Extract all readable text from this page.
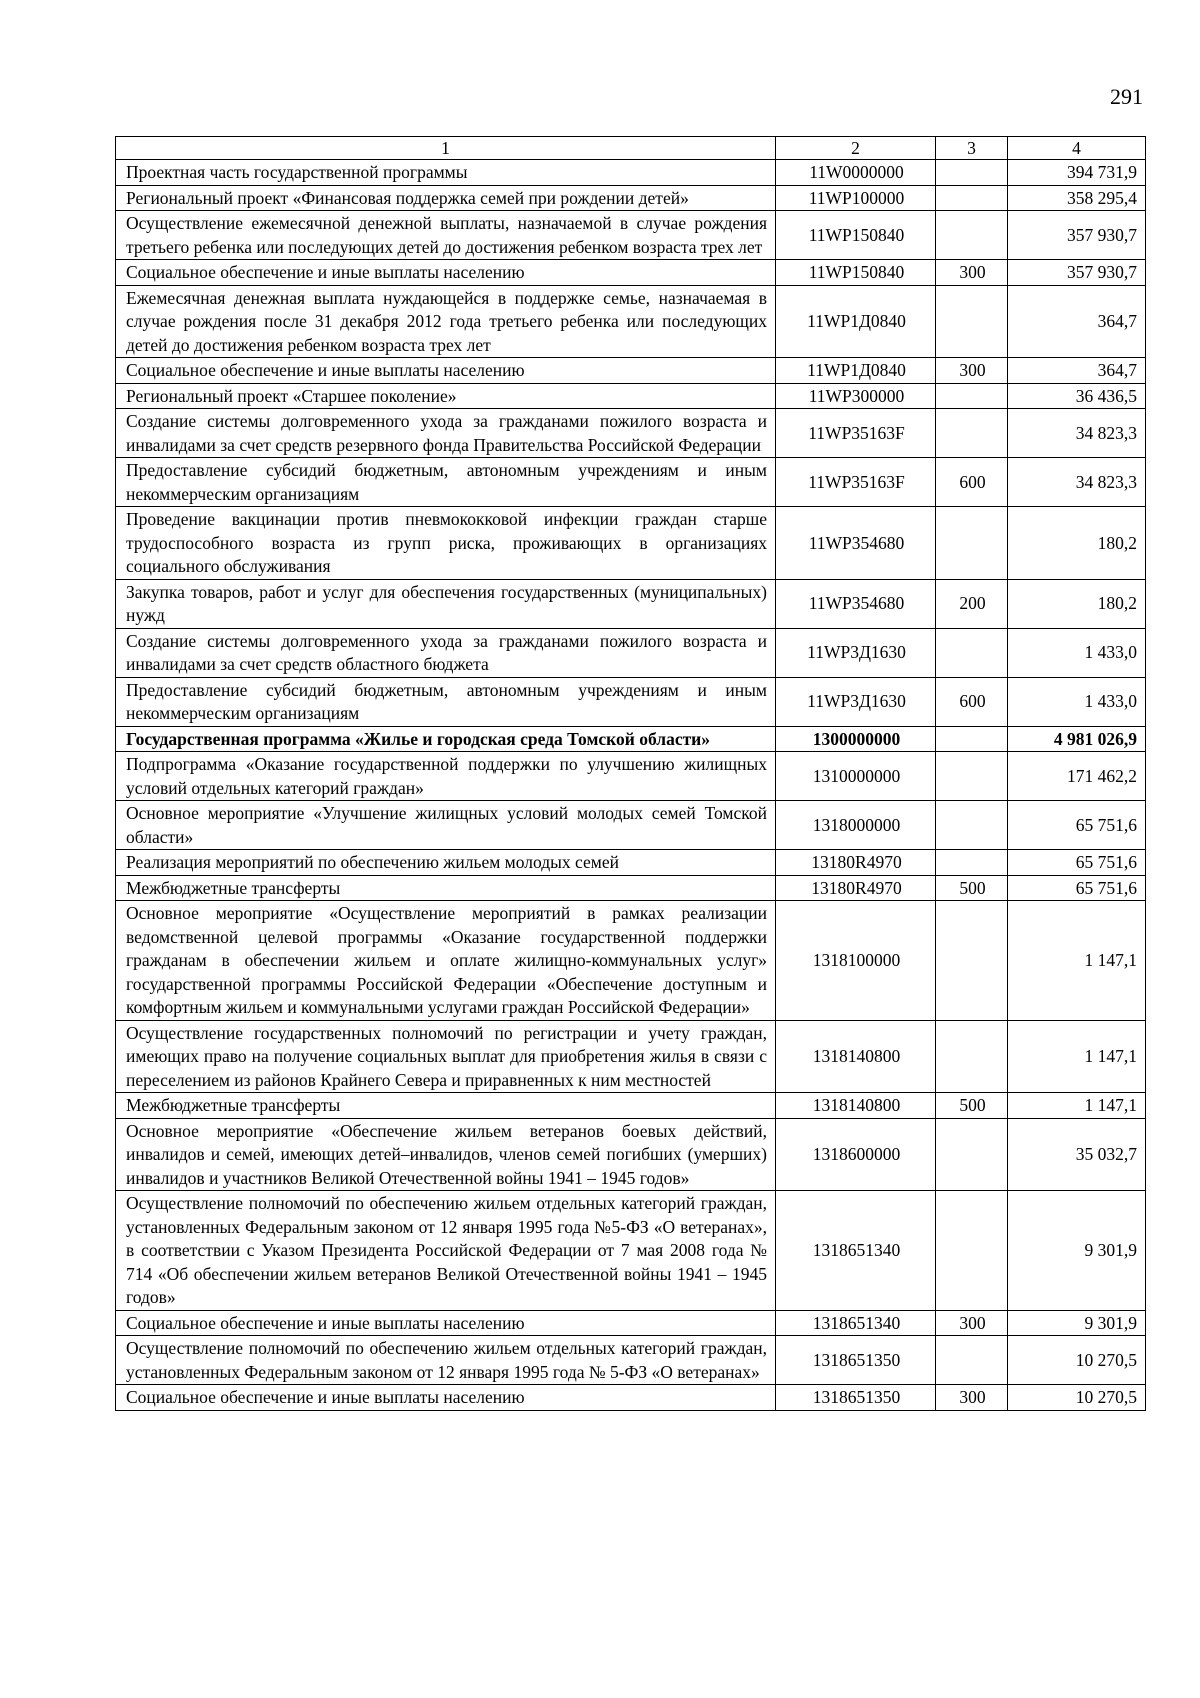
291
1	2	3	4
Проектная часть государственной программы	11W0000000		394 731,9
Региональный проект «Финансовая поддержка семей при рождении детей»	11WP100000		358 295,4
Осуществление ежемесячной денежной выплаты, назначаемой в случае рождения третьего ребенка или последующих детей до достижения ребенком возраста трех лет	11WP150840		357 930,7
Социальное обеспечение и иные выплаты населению	11WP150840	300	357 930,7
Ежемесячная денежная выплата нуждающейся в поддержке семье, назначаемая в случае рождения после 31 декабря 2012 года третьего ребенка или последующих детей до достижения ребенком возраста трех лет	11WP1Д0840		364,7
Социальное обеспечение и иные выплаты населению	11WP1Д0840	300	364,7
Региональный проект «Старшее поколение»	11WP300000		36 436,5
Создание системы долговременного ухода за гражданами пожилого возраста и инвалидами за счет средств резервного фонда Правительства Российской Федерации	11WP35163F		34 823,3
Предоставление субсидий бюджетным, автономным учреждениям и иным некоммерческим организациям	11WP35163F	600	34 823,3
Проведение вакцинации против пневмококковой инфекции граждан старше трудоспособного возраста из групп риска, проживающих в организациях социального обслуживания	11WP354680		180,2
Закупка товаров, работ и услуг для обеспечения государственных (муниципальных) нужд	11WP354680	200	180,2
Создание системы долговременного ухода за гражданами пожилого возраста и инвалидами за счет средств областного бюджета	11WP3Д1630		1 433,0
Предоставление субсидий бюджетным, автономным учреждениям и иным некоммерческим организациям	11WP3Д1630	600	1 433,0
Государственная программа «Жилье и городская среда Томской области»	1300000000		4 981 026,9
Подпрограмма «Оказание государственной поддержки по улучшению жилищных условий отдельных категорий граждан»	1310000000		171 462,2
Основное мероприятие «Улучшение жилищных условий молодых семей Томской области»	1318000000		65 751,6
Реализация мероприятий по обеспечению жильем молодых семей	13180R4970		65 751,6
Межбюджетные трансферты	13180R4970	500	65 751,6
Основное мероприятие «Осуществление мероприятий в рамках реализации ведомственной целевой программы «Оказание государственной поддержки гражданам в обеспечении жильем и оплате жилищно-коммунальных услуг» государственной программы Российской Федерации «Обеспечение доступным и комфортным жильем и коммунальными услугами граждан Российской Федерации»	1318100000		1 147,1
Осуществление государственных полномочий по регистрации и учету граждан, имеющих право на получение социальных выплат для приобретения жилья в связи с переселением из районов Крайнего Севера и приравненных к ним местностей	1318140800		1 147,1
Межбюджетные трансферты	1318140800	500	1 147,1
Основное мероприятие «Обеспечение жильем ветеранов боевых действий, инвалидов и семей, имеющих детей–инвалидов, членов семей погибших (умерших) инвалидов и участников Великой Отечественной войны 1941 – 1945 годов»	1318600000		35 032,7
Осуществление полномочий по обеспечению жильем отдельных категорий граждан, установленных Федеральным законом от 12 января 1995 года №5-ФЗ «О ветеранах», в соответствии с Указом Президента Российской Федерации от 7 мая 2008 года № 714 «Об обеспечении жильем ветеранов Великой Отечественной войны 1941 – 1945 годов»	1318651340		9 301,9
Социальное обеспечение и иные выплаты населению	1318651340	300	9 301,9
Осуществление полномочий по обеспечению жильем отдельных категорий граждан, установленных Федеральным законом от 12 января 1995 года № 5-ФЗ «О ветеранах»	1318651350		10 270,5
Социальное обеспечение и иные выплаты населению	1318651350	300	10 270,5
